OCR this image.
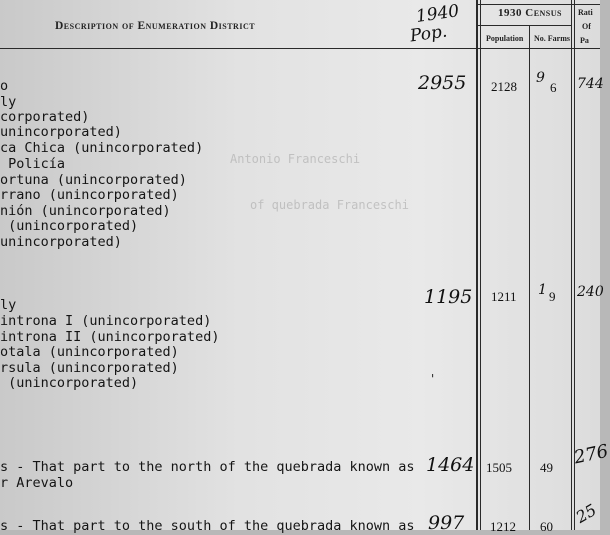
Description of Enumeration District	1940
Pop.
1930 Census
Population No. Farms
Rati
Of
Pa
Antonio Franceschi
of quebrada Franceschi
o
ly
corporated)
unincorporated)
ca Chica (unincorporated)
Policía
ortuna (unincorporated)
rrano (unincorporated)
nión (unincorporated)
(unincorporated)
unincorporated)
2955 2128
9
6 744
ly
introna I (unincorporated)
introna II (unincorporated)
otala (unincorporated)
rsula (unincorporated)
(unincorporated)
1195 1211 1 9 240
s - That part to the north of the quebrada known as
r Arevalo
1464 1505 49 276
s - That part to the south of the quebrada known as 997 1212 60 25
'
